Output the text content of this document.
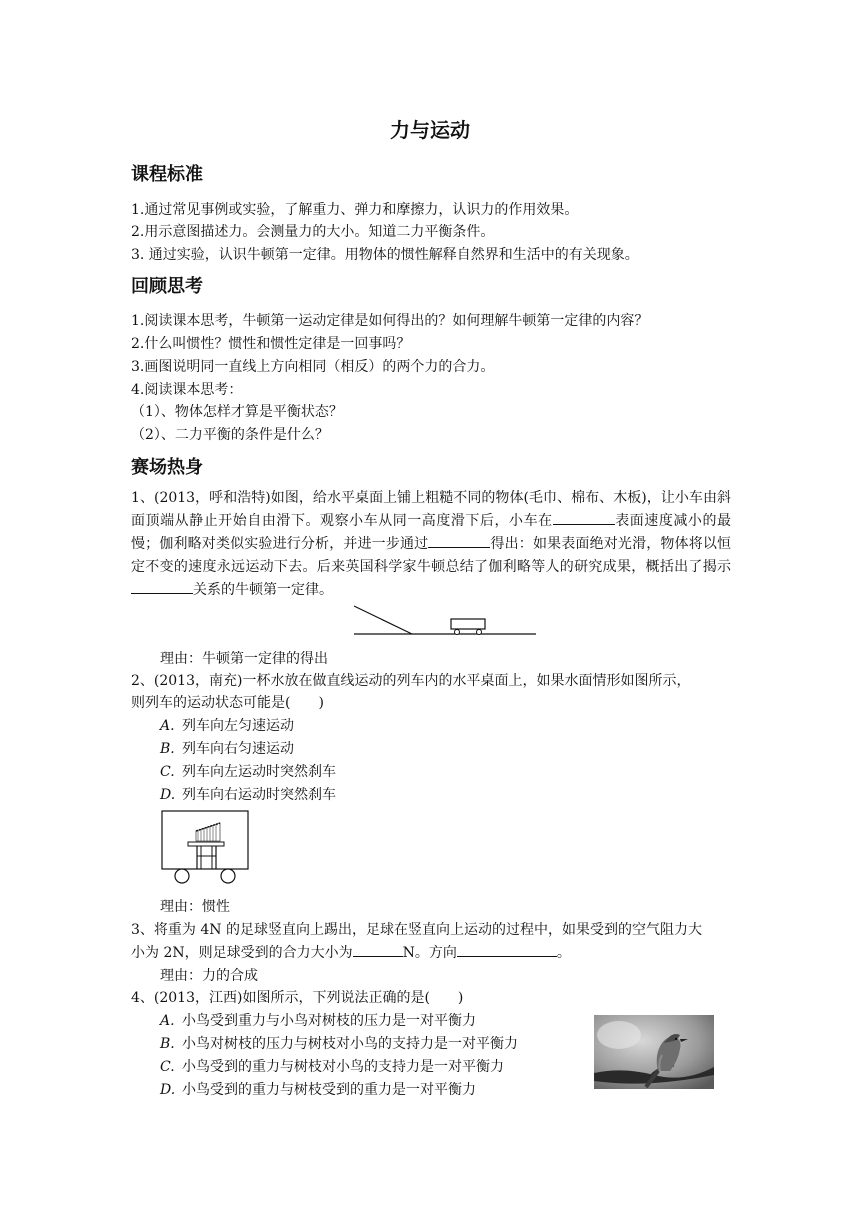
力与运动
课程标准
1.通过常见事例或实验，了解重力、弹力和摩擦力，认识力的作用效果。
2.用示意图描述力。会测量力的大小。知道二力平衡条件。
3. 通过实验，认识牛顿第一定律。用物体的惯性解释自然界和生活中的有关现象。
回顾思考
1.阅读课本思考，牛顿第一运动定律是如何得出的？如何理解牛顿第一定律的内容？
2.什么叫惯性？惯性和惯性定律是一回事吗？
3.画图说明同一直线上方向相同（相反）的两个力的合力。
4.阅读课本思考：
（1）、物体怎样才算是平衡状态？
（2）、二力平衡的条件是什么？
赛场热身
1、(2013，呼和浩特)如图，给水平桌面上铺上粗糙不同的物体(毛巾、棉布、木板)，让小车由斜面顶端从静止开始自由滑下。观察小车从同一高度滑下后，小车在	表面速度减小的最慢；伽利略对类似实验进行分析，并进一步通过	得出：如果表面绝对光滑，物体将以恒定不变的速度永远运动下去。后来英国科学家牛顿总结了伽利略等人的研究成果，概括出了揭示关系的牛顿第一定律。
理由：牛顿第一定律的得出
2、(2013，南充)一杯水放在做直线运动的列车内的水平桌面上，如果水面情形如图所示，
则列车的运动状态可能是(　　)
A. 列车向左匀速运动
B. 列车向右匀速运动
C. 列车向左运动时突然刹车
D. 列车向右运动时突然刹车
理由：惯性
3、将重为 4N 的足球竖直向上踢出，足球在竖直向上运动的过程中，如果受到的空气阻力大
小为 2N，则足球受到的合力大小为	N。方向	。
理由：力的合成
4、(2013，江西)如图所示，下列说法正确的是(　　)
A. 小鸟受到重力与小鸟对树枝的压力是一对平衡力
B. 小鸟对树枝的压力与树枝对小鸟的支持力是一对平衡力
C. 小鸟受到的重力与树枝对小鸟的支持力是一对平衡力
D. 小鸟受到的重力与树枝受到的重力是一对平衡力
